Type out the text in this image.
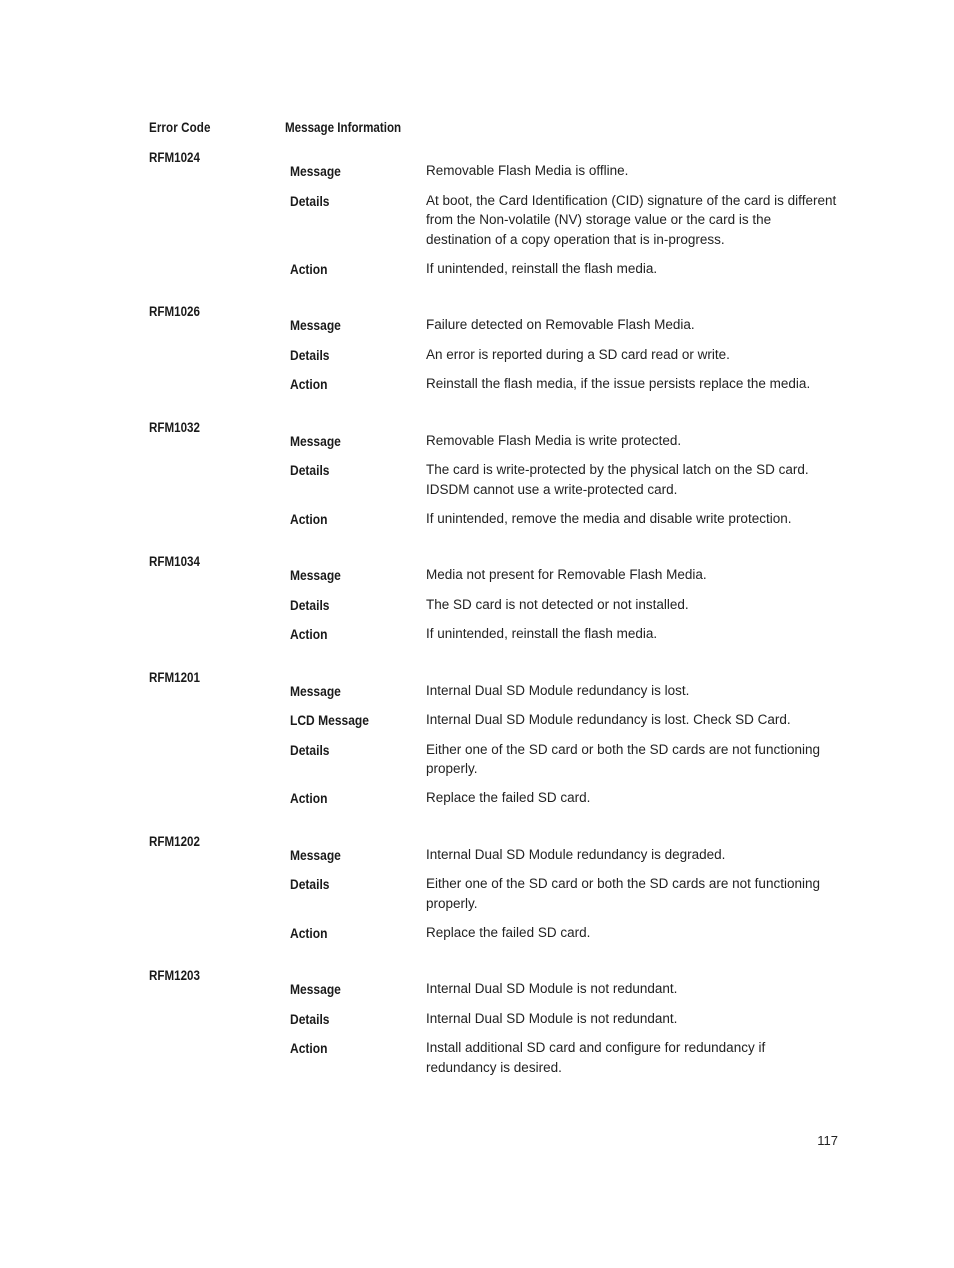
Error Code	Message Information
RFM1024
Message	Removable Flash Media is offline.
Details	At boot, the Card Identification (CID) signature of the card is different from the Non-volatile (NV) storage value or the card is the destination of a copy operation that is in-progress.
Action	If unintended, reinstall the flash media.
RFM1026
Message	Failure detected on Removable Flash Media.
Details	An error is reported during a SD card read or write.
Action	Reinstall the flash media, if the issue persists replace the media.
RFM1032
Message	Removable Flash Media is write protected.
Details	The card is write-protected by the physical latch on the SD card. IDSDM cannot use a write-protected card.
Action	If unintended, remove the media and disable write protection.
RFM1034
Message	Media not present for Removable Flash Media.
Details	The SD card is not detected or not installed.
Action	If unintended, reinstall the flash media.
RFM1201
Message	Internal Dual SD Module redundancy is lost.
LCD Message	Internal Dual SD Module redundancy is lost. Check SD Card.
Details	Either one of the SD card or both the SD cards are not functioning properly.
Action	Replace the failed SD card.
RFM1202
Message	Internal Dual SD Module redundancy is degraded.
Details	Either one of the SD card or both the SD cards are not functioning properly.
Action	Replace the failed SD card.
RFM1203
Message	Internal Dual SD Module is not redundant.
Details	Internal Dual SD Module is not redundant.
Action	Install additional SD card and configure for redundancy if redundancy is desired.
117
